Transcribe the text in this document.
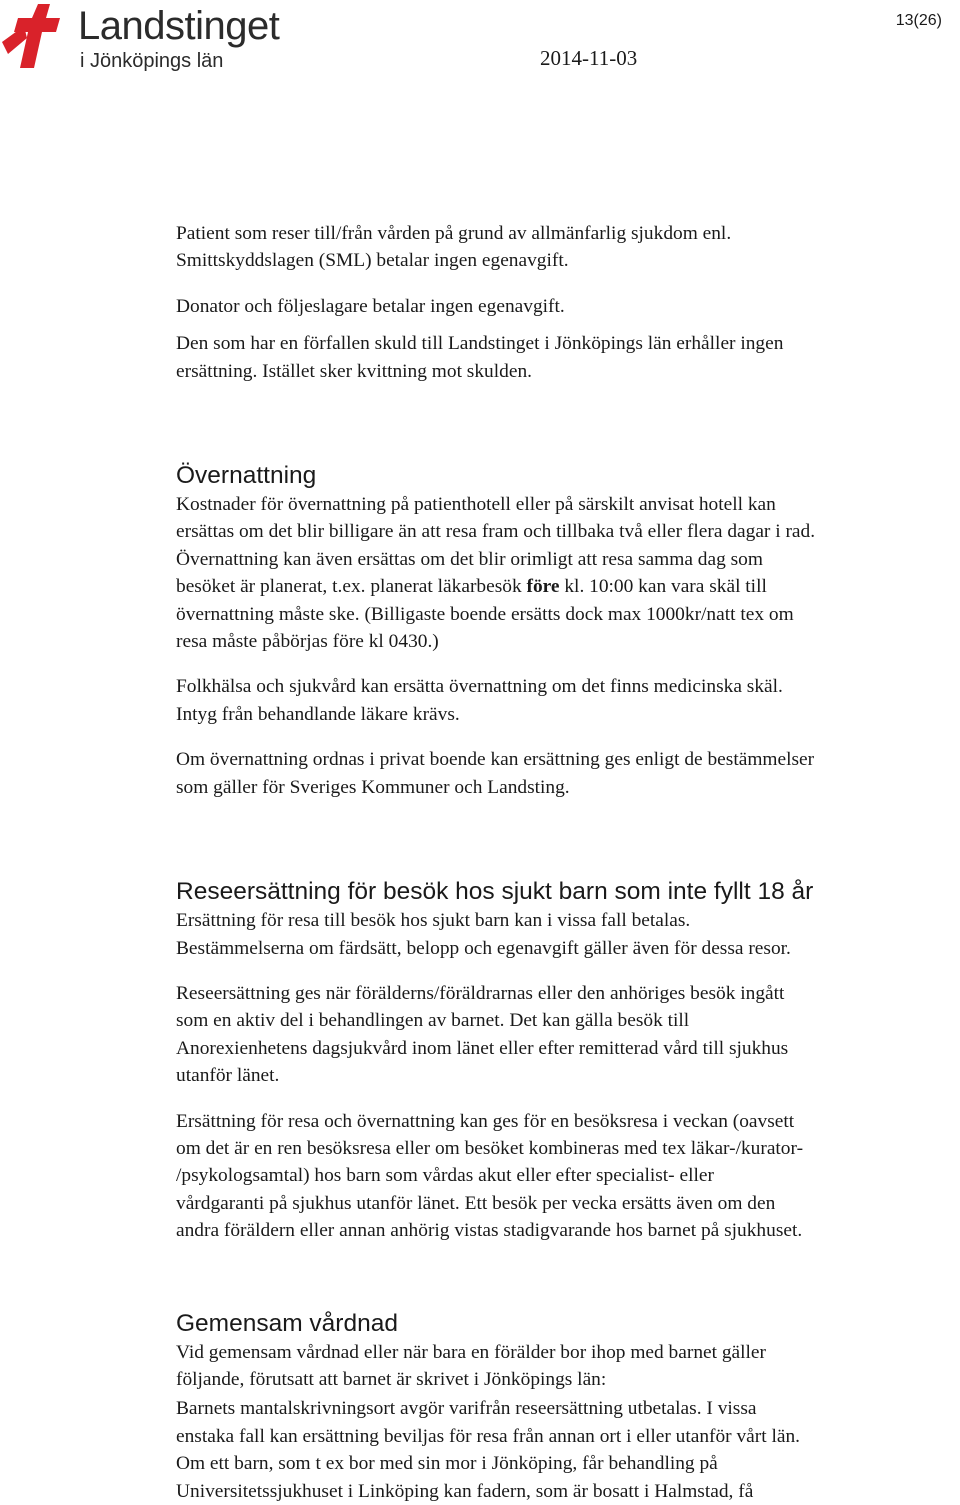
Landstinget
i Jönköpings län
13(26)
2014-11-03

Patient som reser till/från vården på grund av allmänfarlig sjukdom enl.
Smittskyddslagen (SML) betalar ingen egenavgift.

Donator och följeslagare betalar ingen egenavgift.

Den som har en förfallen skuld till Landstinget i Jönköpings län erhåller ingen
ersättning. Istället sker kvittning mot skulden.

Övernattning

Kostnader för övernattning på patienthotell eller på särskilt anvisat hotell kan
ersättas om det blir billigare än att resa fram och tillbaka två eller flera dagar i rad.
Övernattning kan även ersättas om det blir orimligt att resa samma dag som
besöket är planerat, t.ex. planerat läkarbesök före kl. 10:00 kan vara skäl till
övernattning måste ske. (Billigaste boende ersätts dock max 1000kr/natt tex om
resa måste påbörjas före kl 0430.)

Folkhälsa och sjukvård kan ersätta övernattning om det finns medicinska skäl.
Intyg från behandlande läkare krävs.

Om övernattning ordnas i privat boende kan ersättning ges enligt de bestämmelser
som gäller för Sveriges Kommuner och Landsting.

Reseersättning för besök hos sjukt barn som inte fyllt 18 år

Ersättning för resa till besök hos sjukt barn kan i vissa fall betalas.
Bestämmelserna om färdsätt, belopp och egenavgift gäller även för dessa resor.

Reseersättning ges när förälderns/föräldrarnas eller den anhöriges besök ingått
som en aktiv del i behandlingen av barnet. Det kan gälla besök till
Anorexienhetens dagsjukvård inom länet eller efter remitterad vård till sjukhus
utanför länet.

Ersättning för resa och övernattning kan ges för en besöksresa i veckan (oavsett
om det är en ren besöksresa eller om besöket kombineras med tex läkar-/kurator-
/psykologsamtal) hos barn som vårdas akut eller efter specialist- eller
vårdgaranti på sjukhus utanför länet. Ett besök per vecka ersätts även om den
andra föräldern eller annan anhörig vistas stadigvarande hos barnet på sjukhuset.

Gemensam vårdnad

Vid gemensam vårdnad eller när bara en förälder bor ihop med barnet gäller
följande, förutsatt att barnet är skrivet i Jönköpings län:

Barnets mantalskrivningsort avgör varifrån reseersättning utbetalas. I vissa
enstaka fall kan ersättning beviljas för resa från annan ort i eller utanför vårt län.
Om ett barn, som t ex bor med sin mor i Jönköping, får behandling på
Universitetssjukhuset i Linköping kan fadern, som är bosatt i Halmstad, få
